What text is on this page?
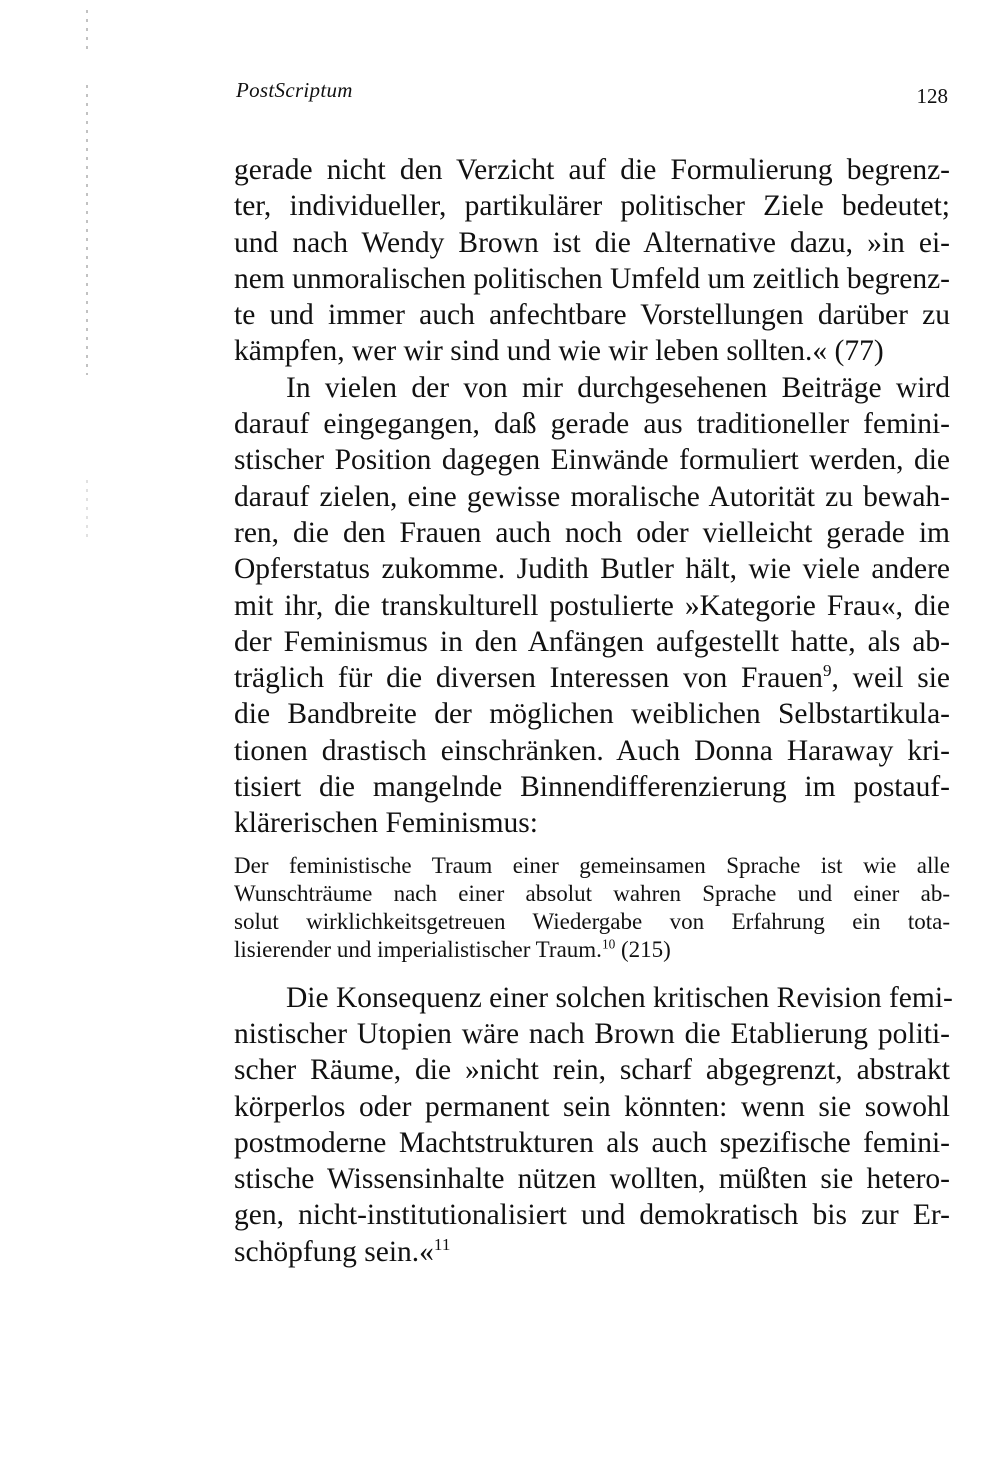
PostScriptum	128
gerade nicht den Verzicht auf die Formulierung begrenz-
ter, individueller, partikulärer politischer Ziele bedeutet;
und nach Wendy Brown ist die Alternative dazu, »in ei-
nem unmoralischen politischen Umfeld um zeitlich begrenz-
te und immer auch anfechtbare Vorstellungen darüber zu
kämpfen, wer wir sind und wie wir leben sollten.« (77)
In vielen der von mir durchgesehenen Beiträge wird
darauf eingegangen, daß gerade aus traditioneller femini-
stischer Position dagegen Einwände formuliert werden, die
darauf zielen, eine gewisse moralische Autorität zu bewah-
ren, die den Frauen auch noch oder vielleicht gerade im
Opferstatus zukomme. Judith Butler hält, wie viele andere
mit ihr, die transkulturell postulierte »Kategorie Frau«, die
der Feminismus in den Anfängen aufgestellt hatte, als ab-
träglich für die diversen Interessen von Frauen$^9$, weil sie
die Bandbreite der möglichen weiblichen Selbstartikula-
tionen drastisch einschränken. Auch Donna Haraway kri-
tisiert die mangelnde Binnendifferenzierung im postauf-
klärerischen Feminismus:
Der feministische Traum einer gemeinsamen Sprache ist wie alle
Wunschträume nach einer absolut wahren Sprache und einer ab-
solut wirklichkeitsgetreuen Wiedergabe von Erfahrung ein tota-
lisierender und imperialistischer Traum.$^{10}$ (215)
Die Konsequenz einer solchen kritischen Revision femi-
nistischer Utopien wäre nach Brown die Etablierung politi-
scher Räume, die »nicht rein, scharf abgegrenzt, abstrakt
körperlos oder permanent sein könnten: wenn sie sowohl
postmoderne Machtstrukturen als auch spezifische femini-
stische Wissensinhalte nützen wollten, müßten sie hetero-
gen, nicht-institutionalisiert und demokratisch bis zur Er-
schöpfung sein.«$^{11}$
